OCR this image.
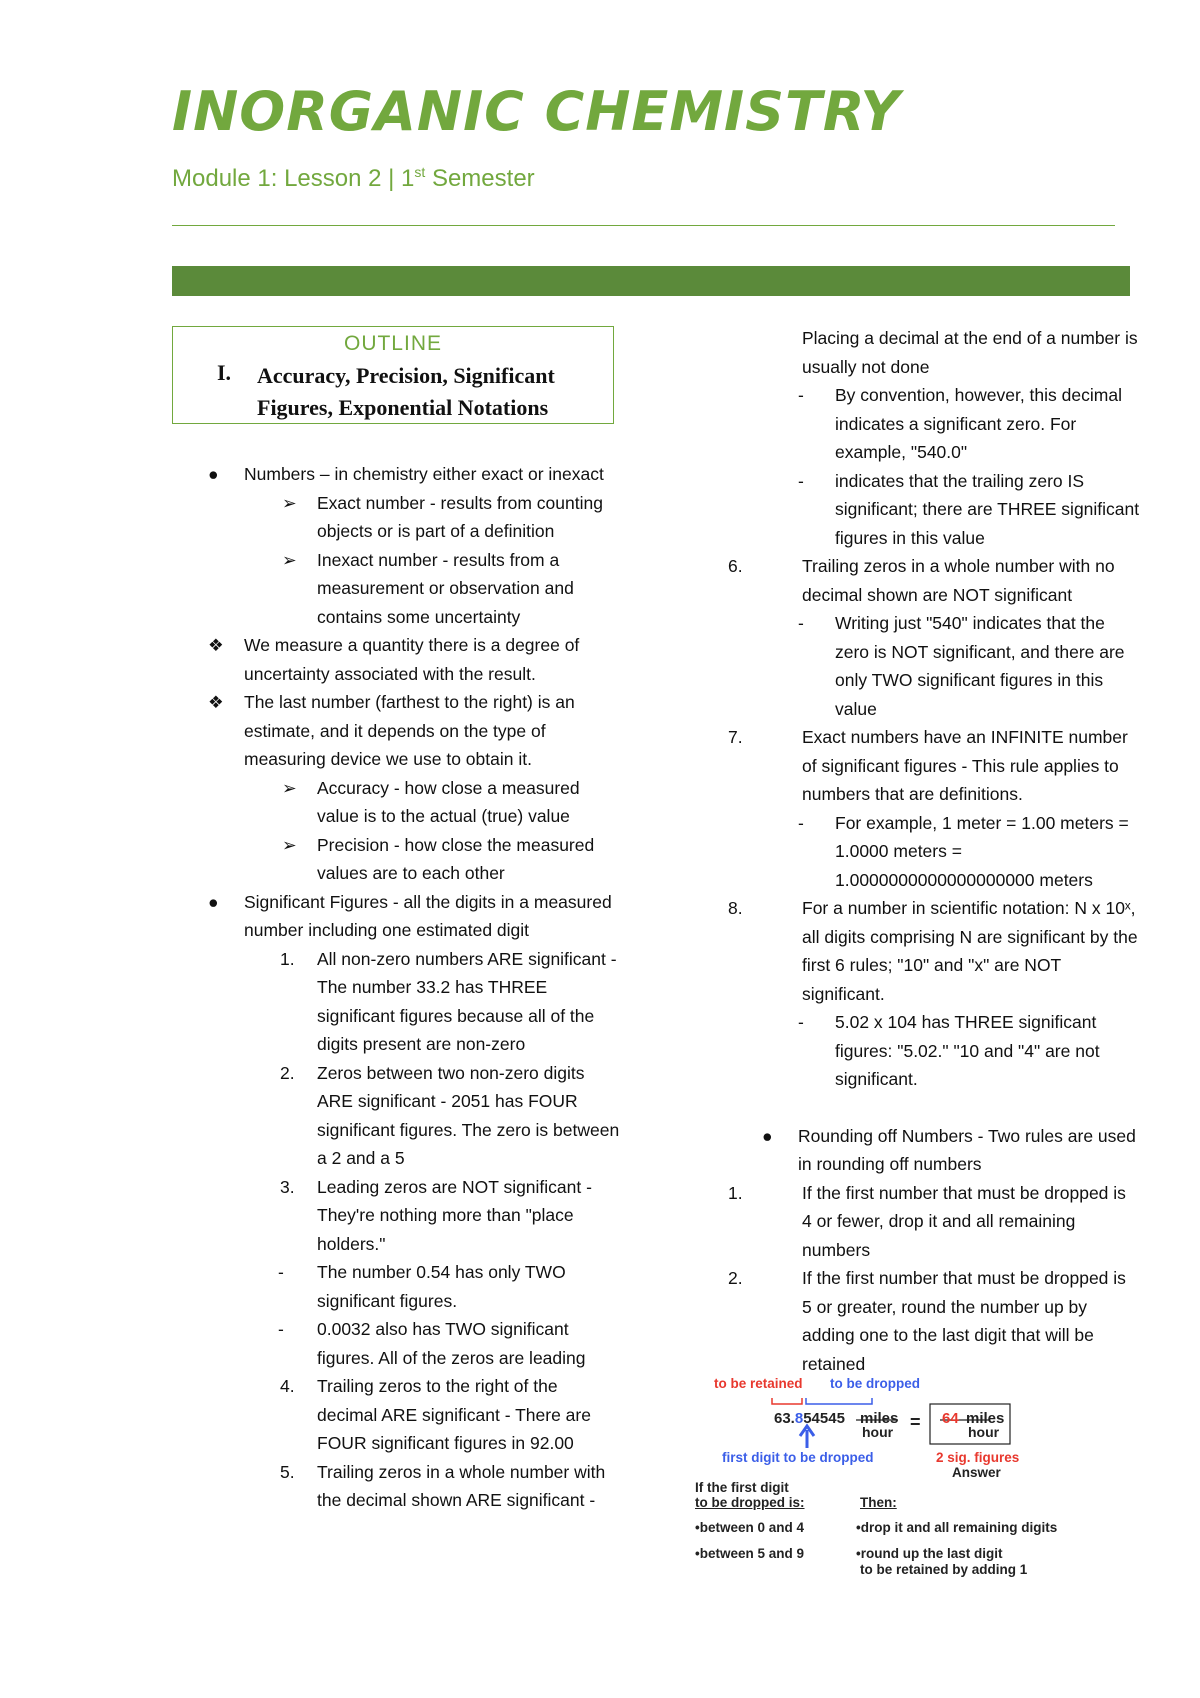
INORGANIC CHEMISTRY
Module 1: Lesson 2 | 1st Semester
OUTLINE
I.	Accuracy, Precision, Significant Figures, Exponential Notations
● Numbers – in chemistry either exact or inexact
➢ Exact number - results from counting objects or is part of a definition
➢ Inexact number - results from a measurement or observation and contains some uncertainty
❖ We measure a quantity there is a degree of uncertainty associated with the result.
❖ The last number (farthest to the right) is an estimate, and it depends on the type of measuring device we use to obtain it.
➢ Accuracy - how close a measured value is to the actual (true) value
➢ Precision - how close the measured values are to each other
● Significant Figures - all the digits in a measured number including one estimated digit
1. All non-zero numbers ARE significant - The number 33.2 has THREE significant figures because all of the digits present are non-zero
2. Zeros between two non-zero digits ARE significant - 2051 has FOUR significant figures. The zero is between a 2 and a 5
3. Leading zeros are NOT significant - They're nothing more than "place holders."
- The number 0.54 has only TWO significant figures.
- 0.0032 also has TWO significant figures. All of the zeros are leading
4. Trailing zeros to the right of the decimal ARE significant - There are FOUR significant figures in 92.00
5. Trailing zeros in a whole number with the decimal shown ARE significant -
Placing a decimal at the end of a number is usually not done
- By convention, however, this decimal indicates a significant zero. For example, "540.0"
- indicates that the trailing zero IS significant; there are THREE significant figures in this value
6.	Trailing zeros in a whole number with no decimal shown are NOT significant
- Writing just "540" indicates that the zero is NOT significant, and there are only TWO significant figures in this value
7.	Exact numbers have an INFINITE number of significant figures - This rule applies to numbers that are definitions.
- For example, 1 meter = 1.00 meters = 1.0000 meters = 1.0000000000000000000 meters
8.	For a number in scientific notation: N x 10ˣ, all digits comprising N are significant by the first 6 rules; "10" and "x" are NOT significant.
- 5.02 x 104 has THREE significant figures: "5.02." "10 and "4" are not significant.
● Rounding off Numbers - Two rules are used in rounding off numbers
1.	If the first number that must be dropped is 4 or fewer, drop it and all remaining numbers
2.	If the first number that must be dropped is 5 or greater, round the number up by adding one to the last digit that will be retained
to be retained to be dropped
63.854545 miles
hour = 64 miles
hour
first digit to be dropped	2 sig. figures
Answer
If the first digit
to be dropped is:	Then:
•between 0 and 4	•drop it and all remaining digits
•between 5 and 9	•round up the last digit
to be retained by adding 1
